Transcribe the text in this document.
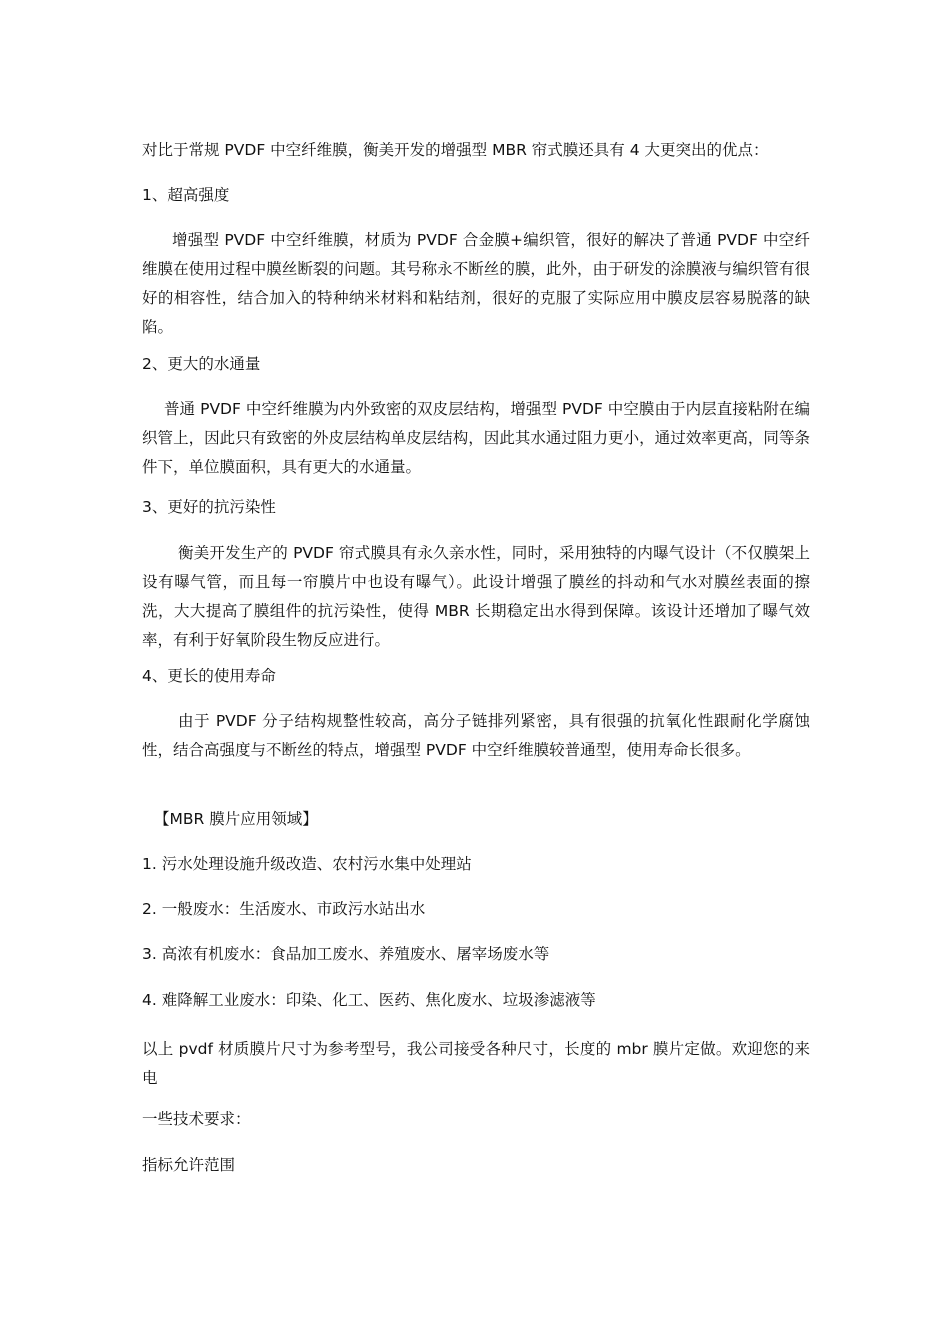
对比于常规 PVDF 中空纤维膜，衡美开发的增强型 MBR 帘式膜还具有 4 大更突出的优点：

1、超高强度

增强型 PVDF 中空纤维膜，材质为 PVDF 合金膜+编织管，很好的解决了普通 PVDF 中空纤维膜在使用过程中膜丝断裂的问题。其号称永不断丝的膜，此外，由于研发的涂膜液与编织管有很好的相容性，结合加入的特种纳米材料和粘结剂，很好的克服了实际应用中膜皮层容易脱落的缺陷。

2、更大的水通量

普通 PVDF 中空纤维膜为内外致密的双皮层结构，增强型 PVDF 中空膜由于内层直接粘附在编织管上，因此只有致密的外皮层结构单皮层结构，因此其水通过阻力更小，通过效率更高，同等条件下，单位膜面积，具有更大的水通量。

3、更好的抗污染性

衡美开发生产的 PVDF 帘式膜具有永久亲水性，同时，采用独特的内曝气设计（不仅膜架上设有曝气管，而且每一帘膜片中也设有曝气）。此设计增强了膜丝的抖动和气水对膜丝表面的擦洗，大大提高了膜组件的抗污染性，使得 MBR 长期稳定出水得到保障。该设计还增加了曝气效率，有利于好氧阶段生物反应进行。

4、更长的使用寿命

由于 PVDF 分子结构规整性较高，高分子链排列紧密，具有很强的抗氧化性跟耐化学腐蚀性，结合高强度与不断丝的特点，增强型 PVDF 中空纤维膜较普通型，使用寿命长很多。

【MBR 膜片应用领域】

1. 污水处理设施升级改造、农村污水集中处理站

2. 一般废水：生活废水、市政污水站出水

3. 高浓有机废水：食品加工废水、养殖废水、屠宰场废水等

4. 难降解工业废水：印染、化工、医药、焦化废水、垃圾渗滤液等

以上 pvdf 材质膜片尺寸为参考型号，我公司接受各种尺寸，长度的 mbr 膜片定做。欢迎您的来电

一些技术要求：

指标允许范围
